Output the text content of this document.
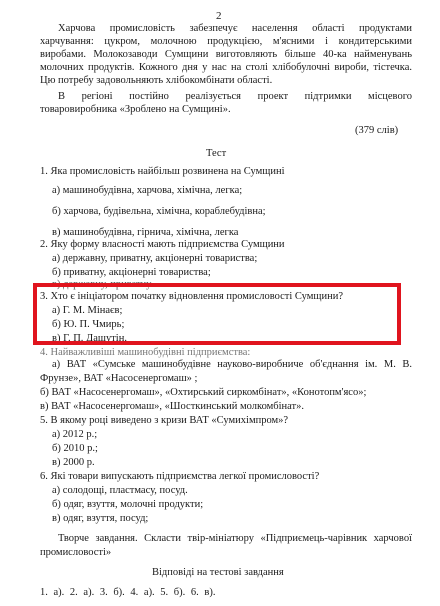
2
Харчова промисловість забезпечує населення області продуктами
харчування: цукром, молочною продукцією, м'ясними і кондитерськими
виробами. Молокозаводи Сумщини виготовляють більше 40-ка найменувань
молочних продуктів. Кожного дня у нас на столі хлібобулочні вироби, тістечка.
Цю потребу задовольняють хлібокомбінати області.
В регіоні постійно реалізується проект підтримки місцевого
товаровиробника «Зроблено на Сумщині».
(379 слів)
Тест
1. Яка промисловість найбільш розвинена на Сумщині
а) машинобудівна, харчова, хімічна, легка;
б) харчова, будівельна, хімічна, кораблебудівна;
в) машинобудівна, гірнича, хімічна, легка
2. Яку форму власності мають підприємства Сумщини
а) державну, приватну, акціонерні товариства;
б) приватну, акціонерні товариства;
в) державну, приватну.
3. Хто є ініціатором початку відновлення промисловості Сумщини?
а) Г. М. Мінаєв;
б) Ю. П. Чмирь;
в) Г. П. Дашутін.
4. Найважливіші машинобудівні підприємства:
а) ВАТ «Сумське машинобудівне науково-виробниче об'єднання ім. М. В.
Фрунзе», ВАТ «Насосенергомаш» ;
б) ВАТ «Насосенергомаш», «Охтирський сиркомбінат», «Конотопм'ясо»;
в) ВАТ «Насосенергомаш», «Шосткинський молкомбінат».
5. В якому році виведено з кризи ВАТ «Сумихімпром»?
а) 2012 р.;
б) 2010 р.;
в) 2000 р.
6. Які товари випускають підприємства легкої промисловості?
а) солодощі, пластмасу, посуд.
б) одяг, взуття, молочні продукти;
в) одяг, взуття, посуд;
Творче завдання. Скласти твір-мініатюру «Підприємець-чарівник харчової
промисловості»
Відповіді на тестові завдання
1. а). 2. а). 3. б). 4. а). 5. б). 6. в).
